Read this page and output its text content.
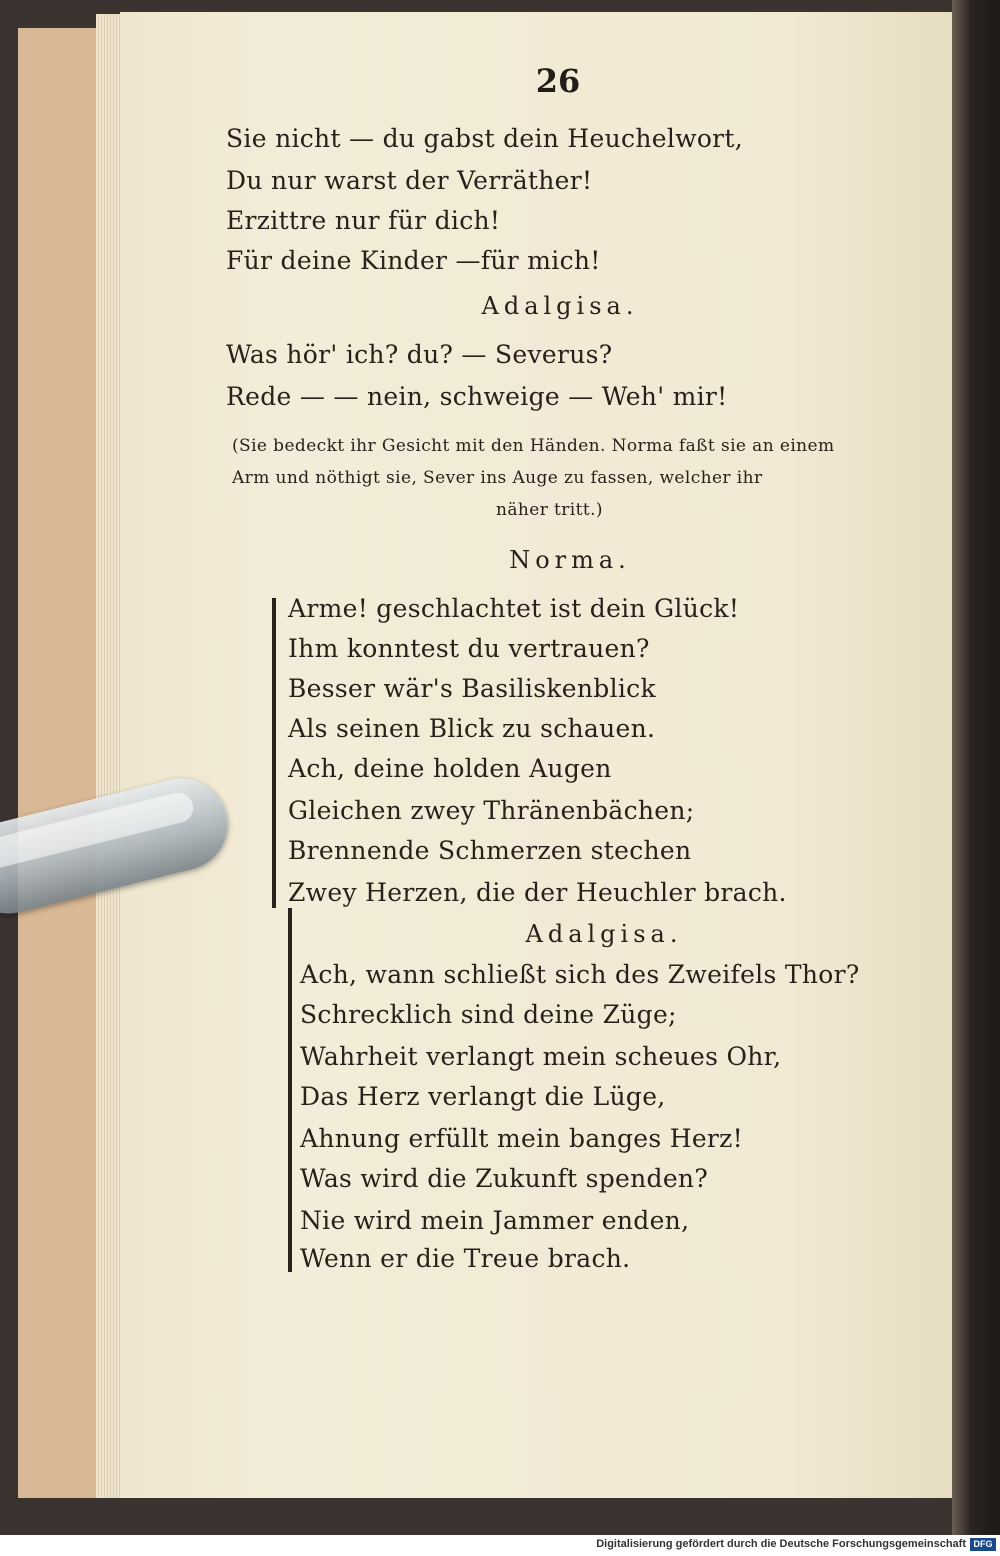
26
Sie nicht — du gabst dein Heuchelwort,
Du nur warst der Verräther!
Erzittre nur für dich!
Für deine Kinder —für mich!
Adalgisa.
Was hör' ich? du? — Severus?
Rede — — nein, schweige — Weh' mir!
(Sie bedeckt ihr Gesicht mit den Händen. Norma faßt sie an einem
Arm und nöthigt sie, Sever ins Auge zu fassen, welcher ihr
näher tritt.)
Norma.
Arme! geschlachtet ist dein Glück!
Ihm konntest du vertrauen?
Besser wär's Basiliskenblick
Als seinen Blick zu schauen.
Ach, deine holden Augen
Gleichen zwey Thränenbächen;
Brennende Schmerzen stechen
Zwey Herzen, die der Heuchler brach.
Adalgisa.
Ach, wann schließt sich des Zweifels Thor?
Schrecklich sind deine Züge;
Wahrheit verlangt mein scheues Ohr,
Das Herz verlangt die Lüge,
Ahnung erfüllt mein banges Herz!
Was wird die Zukunft spenden?
Nie wird mein Jammer enden,
Wenn er die Treue brach.
Digitalisierung gefördert durch die Deutsche Forschungsgemeinschaft DFG
